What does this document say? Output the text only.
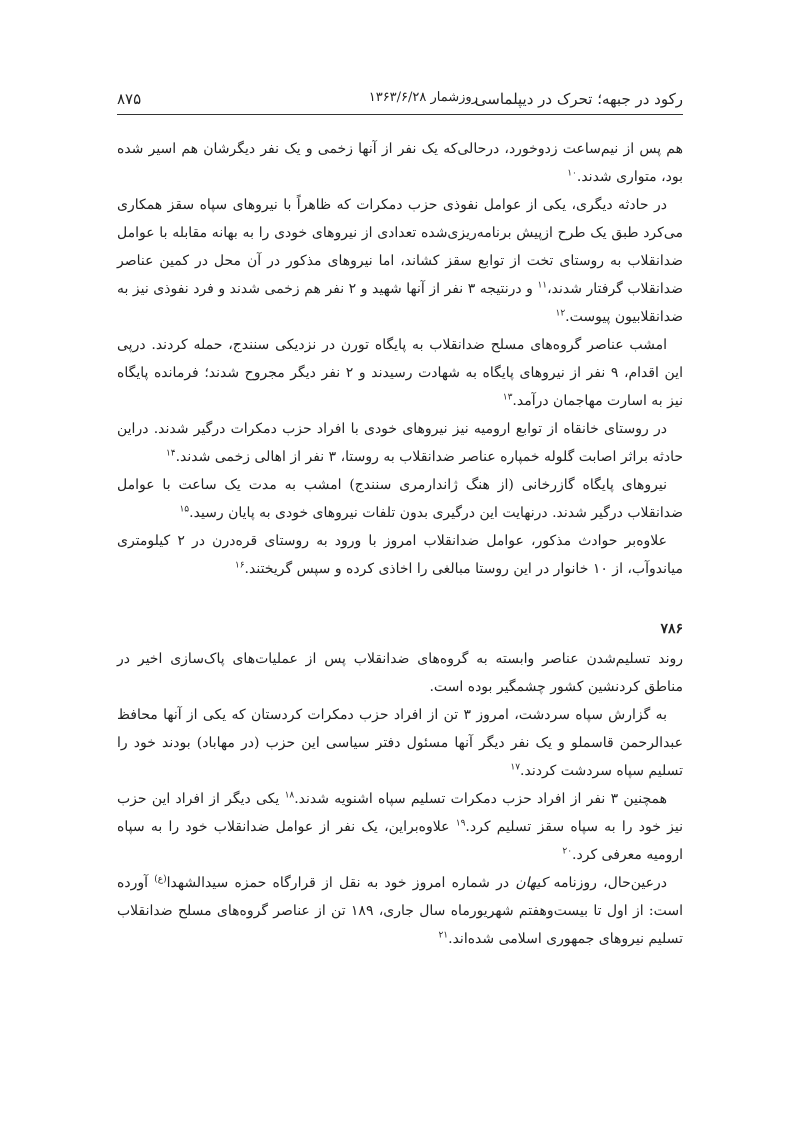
رکود در جبهه؛ تحرک در دیپلماسی
روزشمار ۱۳۶۳/۶/۲۸
۸۷۵

هم پس از نیم‌ساعت زدوخورد، درحالی‌که یک نفر از آنها زخمی و یک نفر دیگرشان هم اسیر شده بود، متواری شدند.$^{۱۰}$

در حادثه دیگری، یکی از عوامل نفوذی حزب دمکرات که ظاهراً با نیروهای سپاه سقز همکاری می‌کرد طبق یک طرح ازپیش برنامه‌ریزی‌شده تعدادی از نیروهای خودی را به بهانه مقابله با عوامل ضدانقلاب به روستای تخت از توابع سقز کشاند، اما نیروهای مذکور در آن محل در کمین عناصر ضدانقلاب گرفتار شدند،$^{۱۱}$ و درنتیجه ۳ نفر از آنها شهید و ۲ نفر هم زخمی شدند و فرد نفوذی نیز به ضدانقلابیون پیوست.$^{۱۲}$

امشب عناصر گروه‌های مسلح ضدانقلاب به پایگاه تورن در نزدیکی سنندج، حمله کردند. درپی این اقدام، ۹ نفر از نیروهای پایگاه به شهادت رسیدند و ۲ نفر دیگر مجروح شدند؛ فرمانده پایگاه نیز به اسارت مهاجمان درآمد.$^{۱۳}$

در روستای خانقاه از توابع ارومیه نیز نیروهای خودی با افراد حزب دمکرات درگیر شدند. دراین حادثه براثر اصابت گلوله خمپاره عناصر ضدانقلاب به روستا، ۳ نفر از اهالی زخمی شدند.$^{۱۴}$

نیروهای پایگاه گازرخانی (از هنگ ژاندارمری سنندج) امشب به مدت یک ساعت با عوامل ضدانقلاب درگیر شدند. درنهایت این درگیری بدون تلفات نیروهای خودی به پایان رسید.$^{۱۵}$

علاوه‌بر حوادث مذکور، عوامل ضدانقلاب امروز با ورود به روستای قره‌درن در ۲ کیلومتری میاندوآب، از ۱۰ خانوار در این روستا مبالغی را اخاذی کرده و سپس گریختند.$^{۱۶}$

۷۸۶

روند تسلیم‌شدن عناصر وابسته به گروه‌های ضدانقلاب پس از عملیات‌های پاک‌سازی اخیر در مناطق کردنشین کشور چشمگیر بوده است.

به گزارش سپاه سردشت، امروز ۳ تن از افراد حزب دمکرات کردستان که یکی از آنها محافظ عبدالرحمن قاسملو و یک نفر دیگر آنها مسئول دفتر سیاسی این حزب (در مهاباد) بودند خود را تسلیم سپاه سردشت کردند.$^{۱۷}$

همچنین ۳ نفر از افراد حزب دمکرات تسلیم سپاه اشنویه شدند.$^{۱۸}$ یکی دیگر از افراد این حزب نیز خود را به سپاه سقز تسلیم کرد.$^{۱۹}$ علاوه‌براین، یک نفر از عوامل ضدانقلاب خود را به سپاه ارومیه معرفی کرد.$^{۲۰}$

درعین‌حال، روزنامه کیهان در شماره امروز خود به نقل از قرارگاه حمزه سیدالشهدا$^{(ع)}$ آورده است: از اول تا بیست‌وهفتم شهریورماه سال جاری، ۱۸۹ تن از عناصر گروه‌های مسلح ضدانقلاب تسلیم نیروهای جمهوری اسلامی شده‌اند.$^{۲۱}$
